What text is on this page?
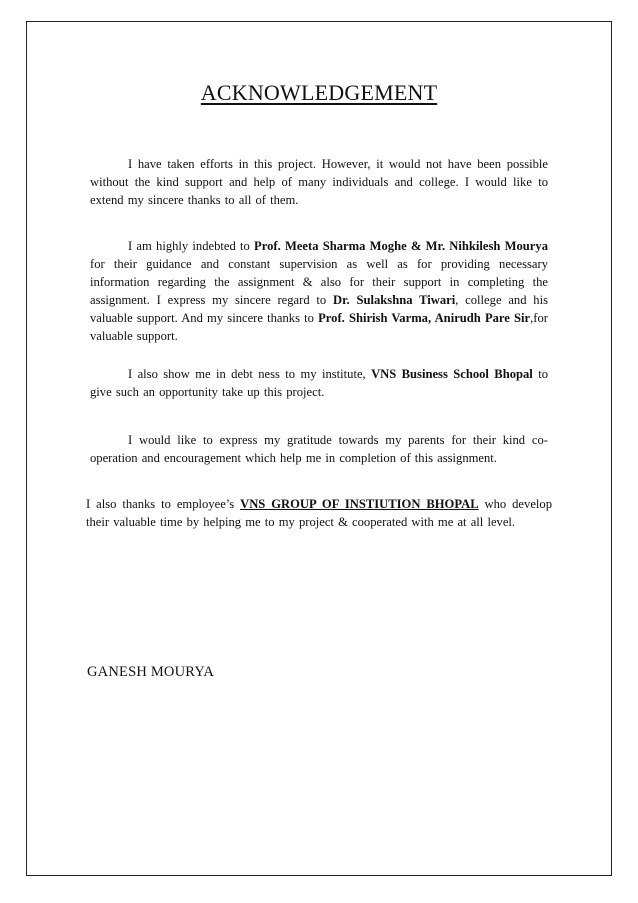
ACKNOWLEDGEMENT

I have taken efforts in this project. However, it would not have been possible without the kind support and help of many individuals and college. I would like to extend my sincere thanks to all of them.

I am highly indebted to Prof. Meeta Sharma Moghe & Mr. Nihkilesh Mourya for their guidance and constant supervision as well as for providing necessary information regarding the assignment & also for their support in completing the assignment. I express my sincere regard to Dr. Sulakshna Tiwari, college and his valuable support. And my sincere thanks to Prof. Shirish Varma, Anirudh Pare Sir,for valuable support.

I also show me in debt ness to my institute, VNS Business School Bhopal to give such an opportunity take up this project.

I would like to express my gratitude towards my parents for their kind co-operation and encouragement which help me in completion of this assignment.

I also thanks to employee’s VNS GROUP OF INSTIUTION BHOPAL who develop their valuable time by helping me to my project & cooperated with me at all level.

GANESH MOURYA
